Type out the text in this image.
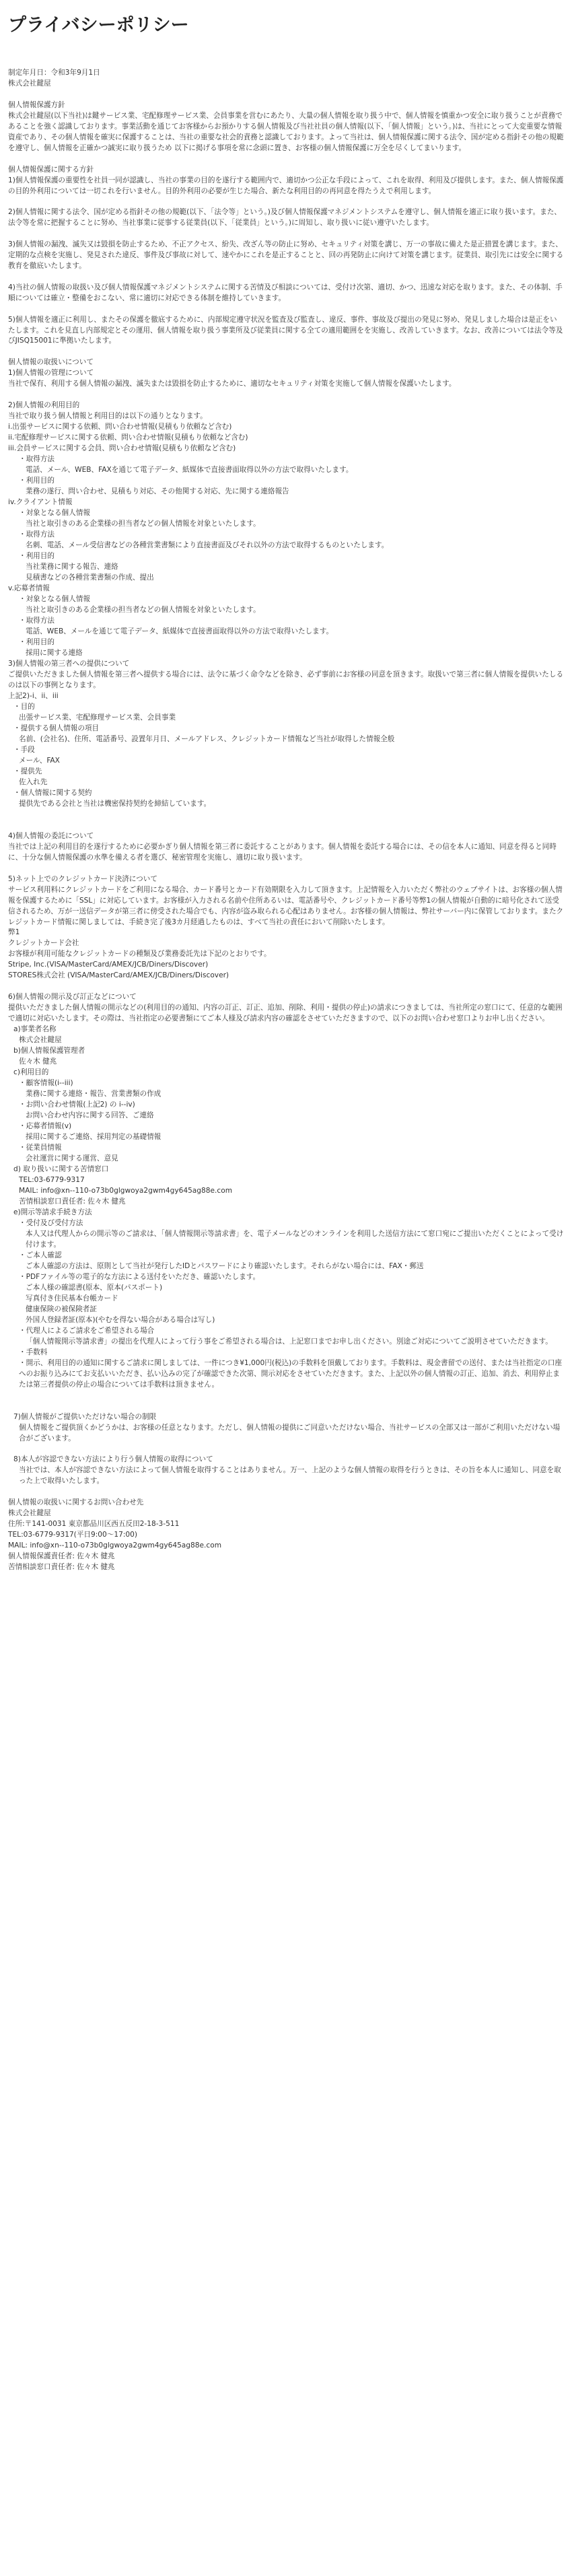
プライバシーポリシー

制定年月日：令和3年9月1日

株式会社鍵屋

個人情報保護方針

株式会社鍵屋(以下当社)は鍵サービス業、宅配修理サービス業、会員事業を営むにあたり、大量の個人情報を取り扱う中で、個人情報を慎重かつ安全に取り扱うことが責務であることを強く認識しております。事業活動を通じてお客様からお預かりする個人情報及び当社社員の個人情報(以下、「個人情報」という。)は、当社にとって大変重要な情報資産であり、その個人情報を確実に保護することは、当社の重要な社会的責務と認識しております。よって当社は、個人情報保護に関する法令、国が定める指針その他の規範を遵守し、個人情報を正確かつ誠実に取り扱うため 以下に掲げる事項を常に念頭に置き、お客様の個人情報保護に万全を尽くしてまいります。

個人情報保護に関する方針

1)個人情報保護の重要性を社員一同が認識し、当社の事業の目的を遂行する範囲内で、適切かつ公正な手段によって、これを取得、利用及び提供します。また、個人情報保護の目的外利用については一切これを行いません。目的外利用の必要が生じた場合、新たな利用目的の再同意を得たうえで利用します。

2)個人情報に関する法令、国が定める指針その他の規範(以下、「法令等」という。)及び個人情報保護マネジメントシステムを遵守し、個人情報を適正に取り扱います。また、法令等を常に把握することに努め、当社事業に従事する従業員(以下、「従業員」という。)に周知し、取り扱いに従い遵守いたします。

3)個人情報の漏洩、滅失又は毀損を防止するため、不正アクセス、紛失、改ざん等の防止に努め、セキュリティ対策を講じ、万一の事故に備えた是正措置を講じます。また、定期的な点検を実施し、発見された違反、事件及び事故に対して、速やかにこれを是正することと、回の再発防止に向けて対策を講じます。従業員、取引先には安全に関する教育を徹底いたします。

4)当社の個人情報の取扱い及び個人情報保護マネジメントシステムに関する苦情及び相談については、受付け次第、適切、かつ、迅速な対応を取ります。また、その体制、手順については確立・整備をおこない、常に適切に対応できる体制を維持していきます。

5)個人情報を適正に利用し、またその保護を徹底するために、内部規定遵守状況を監査及び監査し、違反、事件、事故及び提出の発見に努め、発見しました場合は是正をいたします。これを見直し内部規定とその運用、個人情報を取り扱う事業所及び従業員に関する全ての適用範囲をを実施し、改善していきます。なお、改善については法令等及びJISQ15001に準拠いたします。

個人情報の取扱いについて

1)個人情報の管理について

当社で保有、利用する個人情報の漏洩、滅失または毀損を防止するために、適切なセキュリティ対策を実施して個人情報を保護いたします。

2)個人情報の利用目的

当社で取り扱う個人情報と利用目的は以下の通りとなります。

i.出張サービスに関する依頼、問い合わせ情報(見積もり依頼など含む)

ii.宅配修理サービスに関する依頼、問い合わせ情報(見積もり依頼など含む)

iii.会員サービスに関する会員、問い合わせ情報(見積もり依頼など含む)

・取得方法

電話、メール、WEB、FAXを通じて電子データ、紙媒体で直接書面取得以外の方法で取得いたします。

・利用目的

業務の遂行、問い合わせ、見積もり対応、その他関する対応、先に関する連絡報告

iv.クライアント情報

・対象となる個人情報

当社と取引きのある企業様の担当者などの個人情報を対象といたします。

・取得方法

名刺、電話、メール受信書などの各種営業書類により直接書面及びそれ以外の方法で取得するものといたします。

・利用目的

当社業務に関する報告、連絡

見積書などの各種営業書類の作成、提出

v.応募者情報

・対象となる個人情報

当社と取引きのある企業様の担当者などの個人情報を対象といたします。

・取得方法

電話、WEB、メールを通じて電子データ、紙媒体で直接書面取得以外の方法で取得いたします。

・利用目的

採用に関する連絡

3)個人情報の第三者への提供について

ご提供いただきました個人情報を第三者へ提供する場合には、法令に基づく命令などを除き、必ず事前にお客様の同意を頂きます。取扱いで第三者に個人情報を提供いたしるのは以下の事例となります。

上記2)-i、ii、iii

・目的

出張サービス業、宅配修理サービス業、会員事業

・提供する個人情報の項目

名前、(会社名)、住所、電話番号、設置年月日、メールアドレス、クレジットカード情報など当社が取得した情報全般

・手段

メール、FAX

・提供先

佐入れ先

・個人情報に関する契約

提供先である会社と当社は機密保持契約を締結しています。

4)個人情報の委託について

当社では上記の利用目的を遂行するために必要かぎり個人情報を第三者に委託することがあります。個人情報を委託する場合には、その信を本人に通知、同意を得ると同時に、十分な個人情報保護の水準を備える者を選び、秘密管理を実施し、適切に取り扱います。

5)ネット上でのクレジットカード決済について

サービス利用料にクレジットカードをご利用になる場合、カード番号とカード有効期限を入力して頂きます。上記情報を入力いただく弊社のウェブサイトは、お客様の個人情報を保護するために「SSL」に対応しています。お客様が入力される名前や住所あるいは、電話番号や、クレジットカード番号等弊1の個人情報が自動的に暗号化されて送受信されるため、万が一送信データが第三者に傍受された場合でも、内容が盗み取られる心配はありません。お客様の個人情報は、弊社サーバー内に保管しております。またクレジットカード情報に関しましては、手続き完了後3カ月経過したものは、すべて当社の責任において削除いたします。

弊1

クレジットカード会社

お客様が利用可能なクレジットカードの種類及び業務委託先は下記のとおりです。

Stripe, Inc.(VISA/MasterCard/AMEX/JCB/Diners/Discover)

STORES株式会社 (VISA/MasterCard/AMEX/JCB/Diners/Discover)

6)個人情報の開示及び訂正などについて

提供いただきました個人情報の開示などの(利用目的の通知、内容の訂正、訂正、追加、削除、利用・提供の停止)の請求につきましては、当社所定の窓口にて、任意的な範囲で適切に対応いたします。その際は、当社指定の必要書類にてご本人様及び請求内容の確認をさせていただきますので、以下のお問い合わせ窓口よりお申し出ください。

a)事業者名称

株式会社鍵屋

b)個人情報保護管理者

佐々木 健兆

c)利用目的

・顧客情報(i--iii)

業務に関する連絡・報告、営業書類の作成

・お問い合わせ情報(上記2) の i--iv)

お問い合わせ内容に関する回答、ご連絡

・応募者情報(v)

採用に関するご連絡、採用判定の基礎情報

・従業員情報

会社運営に関する運営、意見

d) 取り扱いに関する苦情窓口

TEL:03-6779-9317

MAIL: info@xn--110-o73b0glgwoya2gwm4gy645ag88e.com

苦情相談窓口責任者: 佐々木 健兆

e)開示等請求手続き方法

・受付及び受付方法

本人又は代理人からの開示等のご請求は、「個人情報開示等請求書」を、電子メールなどのオンラインを利用した送信方法にて窓口宛にご提出いただくことによって受け付けます。

・ご本人確認

ご本人確認の方法は、原則として当社が発行したIDとパスワードにより確認いたします。それらがない場合には、FAX・郵送

・PDFファイル等の電子的な方法による送付をいただき、確認いたします。

ご本人様の確認書(原本、原本(パスポート)

写真付き住民基本台帳カード

健康保険の被保険者証

外国人登録者証(原本)(やむを得ない場合がある場合は写し)

・代理人によるご請求をご希望される場合

「個人情報開示等請求書」の提出を代理人によって行う事をご希望される場合は、上記窓口までお申し出ください。別途ご対応についてご説明させていただきます。

・手数料

・開示、利用目的の通知に関するご請求に関しましては、一件につき¥1,000円(税込)の手数料を頂戴しております。手数料は、現金書留での送付、または当社指定の口座へのお振り込みにてお支払いいただき、払い込みの完了が確認できた次第、開示対応をさせていただきます。また、上記以外の個人情報の訂正、追加、消去、利用停止または第三者提供の停止の場合については手数料は頂きません。

7)個人情報がご提供いただけない場合の制限

個人情報をご提供頂くかどうかは、お客様の任意となります。ただし、個人情報の提供にご同意いただけない場合、当社サービスの全部又は一部がご利用いただけない場合がございます。

8)本人が容認できない方法により行う個人情報の取得について

当社では、本人が容認できない方法によって個人情報を取得することはありません。万一、上記のような個人情報の取得を行うときは、その旨を本人に通知し、同意を取った上で取得いたします。

個人情報の取扱いに関するお問い合わせ先

株式会社鍵屋

住所:〒141-0031 東京都品川区西五反田2-18-3-511

TEL:03-6779-9317(平日9:00〜17:00)

MAIL: info@xn--110-o73b0glgwoya2gwm4gy645ag88e.com

個人情報保護責任者: 佐々木 健兆

苦情相談窓口責任者: 佐々木 健兆
